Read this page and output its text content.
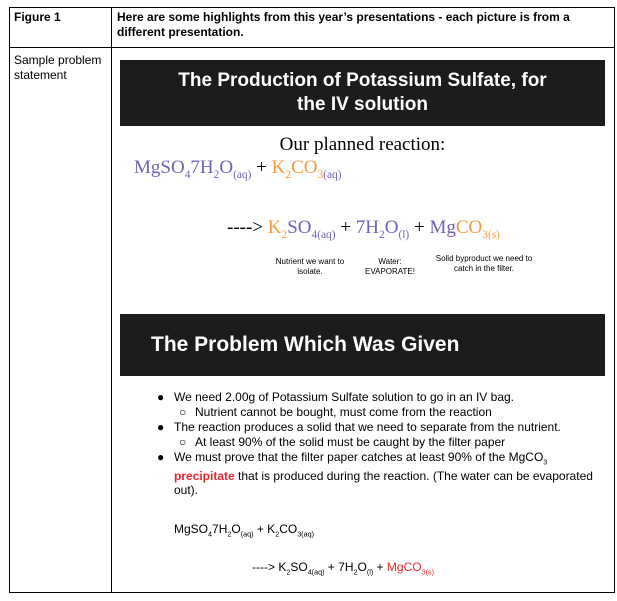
Figure 1	Here are some highlights from this year’s presentations - each picture is from a different presentation.
Sample problem statement	The Production of Potassium Sulfate, for
the IV solution
Our planned reaction:
$MgSO_47H_2O_{(aq)} + K_2CO_{3(aq)}$
----> $K_2SO_{4(aq)} + 7H_2O_{(l)}$ + MgCO$_{3(s)}$
Nutrient we want to isolate.
Water: EVAPORATE!
Solid byproduct we need to catch in the filter.
The Problem Which Was Given
● We need 2.00g of Potassium Sulfate solution to go in an IV bag.
○ Nutrient cannot be bought, must come from the reaction
● The reaction produces a solid that we need to separate from the nutrient.
○ At least 90% of the solid must be caught by the filter paper
● We must prove that the filter paper catches at least 90% of the MgCO$_3$ precipitate that is produced during the reaction. (The water can be evaporated out).
$MgSO_47H_2O_{(aq)} + K_2CO_{3(aq)}$
----> $K_2SO_{4(aq)} + 7H_2O_{(l)}$ + MgCO$_{3(s)}$
